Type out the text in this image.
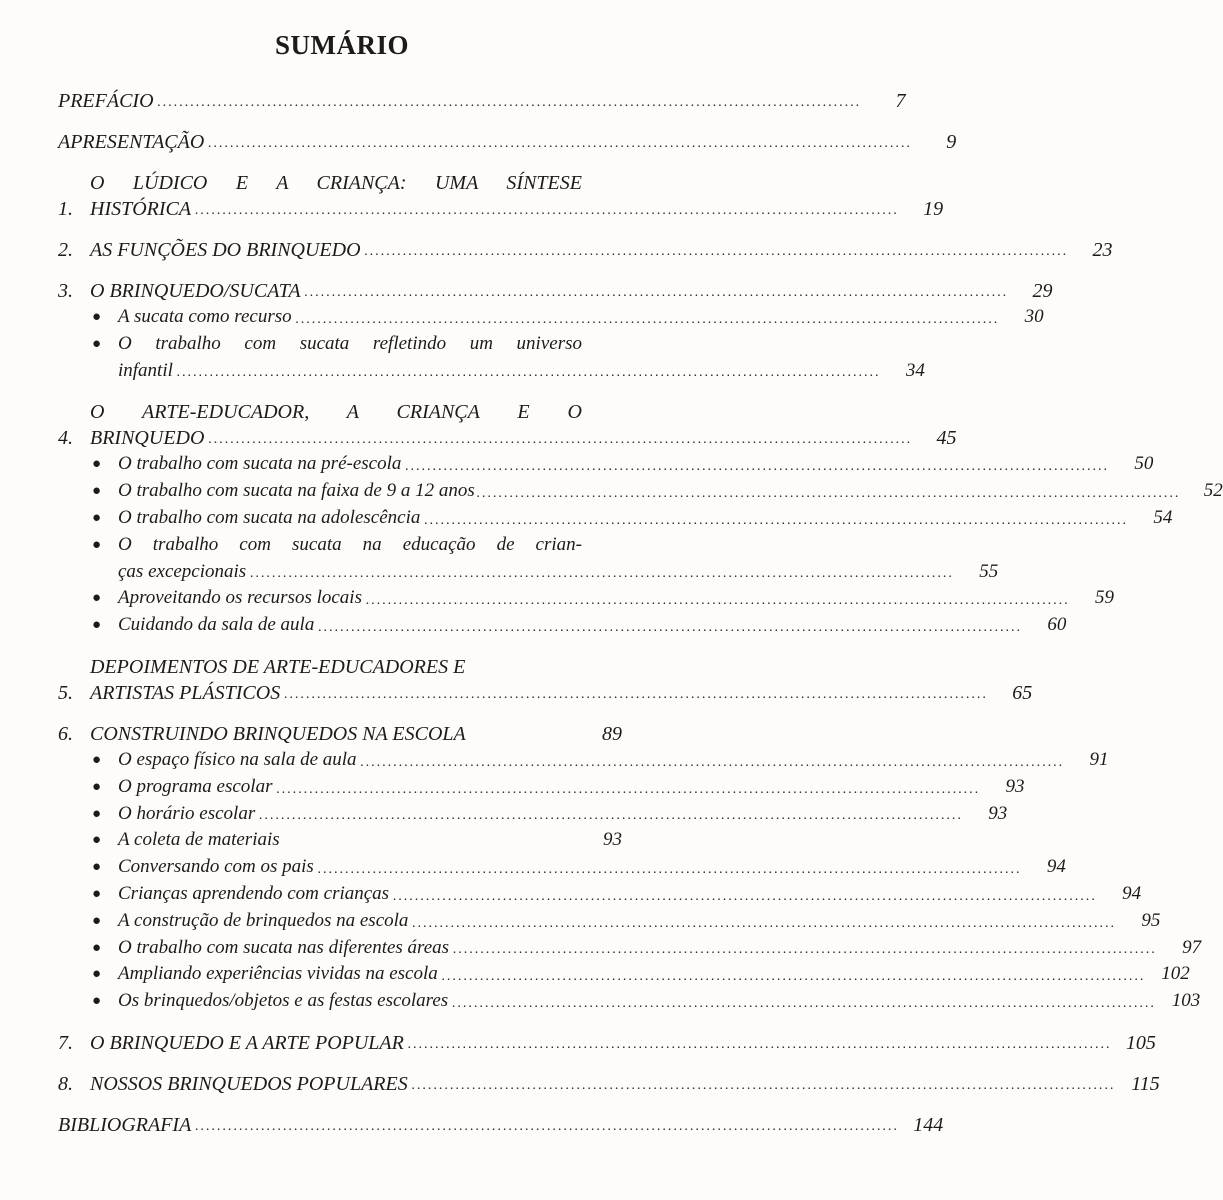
SUMÁRIO
PREFÁCIO ................................................................................................................................	7
APRESENTAÇÃO ................................................................................................................................	9
1.
O LÚDICO E A CRIANÇA: UMA SÍNTESE
HISTÓRICA ................................................................................................................................	19
2. AS FUNÇÕES DO BRINQUEDO ................................................................................................................................	23
3. O BRINQUEDO/SUCATA ................................................................................................................................	29
● A sucata como recurso ................................................................................................................................	30
● O trabalho com sucata refletindo um universo
infantil ................................................................................................................................	34
4.
O ARTE-EDUCADOR, A CRIANÇA E O
BRINQUEDO ................................................................................................................................	45
● O trabalho com sucata na pré-escola ................................................................................................................................	50
● O trabalho com sucata na faixa de 9 a 12 anos ................................................................................................................................	52
● O trabalho com sucata na adolescência ................................................................................................................................	54
● O trabalho com sucata na educação de crian-
ças excepcionais ................................................................................................................................	55
● Aproveitando os recursos locais ................................................................................................................................	59
● Cuidando da sala de aula ................................................................................................................................	60
5.
DEPOIMENTOS DE ARTE-EDUCADORES E
ARTISTAS PLÁSTICOS ................................................................................................................................	65
6. CONSTRUINDO BRINQUEDOS NA ESCOLA	89
● O espaço físico na sala de aula ................................................................................................................................	91
● O programa escolar ................................................................................................................................	93
● O horário escolar ................................................................................................................................	93
● A coleta de materiais	93
● Conversando com os pais ................................................................................................................................	94
● Crianças aprendendo com crianças ................................................................................................................................	94
● A construção de brinquedos na escola ................................................................................................................................	95
● O trabalho com sucata nas diferentes áreas ................................................................................................................................	97
● Ampliando experiências vividas na escola ................................................................................................................................ 102
● Os brinquedos/objetos e as festas escolares ................................................................................................................................ 103
7. O BRINQUEDO E A ARTE POPULAR ................................................................................................................................ 105
8. NOSSOS BRINQUEDOS POPULARES ................................................................................................................................ 115
BIBLIOGRAFIA ................................................................................................................................ 144
